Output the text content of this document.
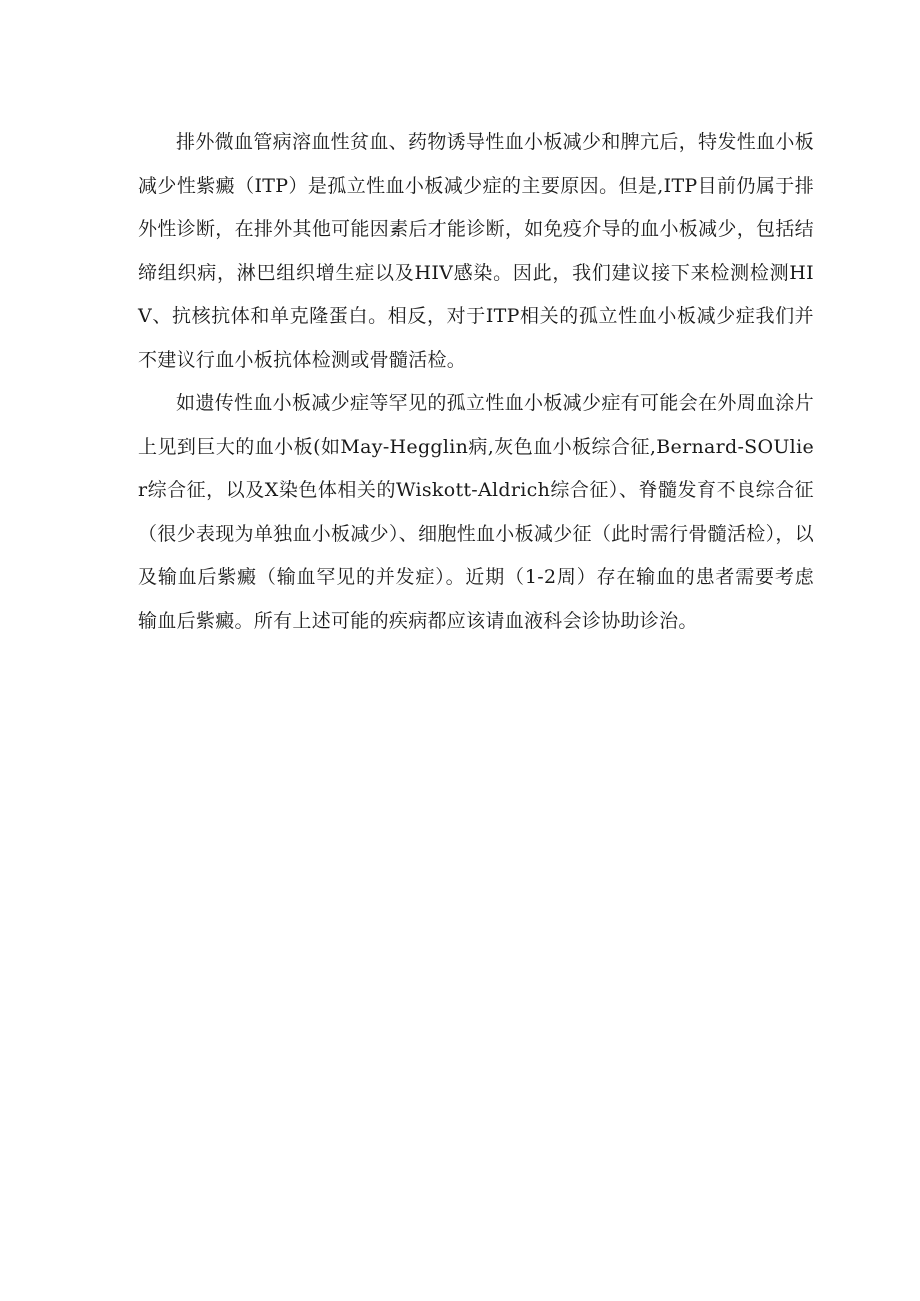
排外微血管病溶血性贫血、药物诱导性血小板减少和脾亢后，特发性血小板减少性紫癜（ITP）是孤立性血小板减少症的主要原因。但是,ITP目前仍属于排外性诊断，在排外其他可能因素后才能诊断，如免疫介导的血小板减少，包括结缔组织病，淋巴组织增生症以及HIV感染。因此，我们建议接下来检测检测HIV、抗核抗体和单克隆蛋白。相反，对于ITP相关的孤立性血小板减少症我们并不建议行血小板抗体检测或骨髓活检。

如遗传性血小板减少症等罕见的孤立性血小板减少症有可能会在外周血涂片上见到巨大的血小板(如May-Hegglin病,灰色血小板综合征,Bernard-SOUlier综合征，以及X染色体相关的Wiskott-Aldrich综合征）、脊髓发育不良综合征（很少表现为单独血小板减少）、细胞性血小板减少征（此时需行骨髓活检），以及输血后紫癜（输血罕见的并发症）。近期（1-2周）存在输血的患者需要考虑输血后紫癜。所有上述可能的疾病都应该请血液科会诊协助诊治。
